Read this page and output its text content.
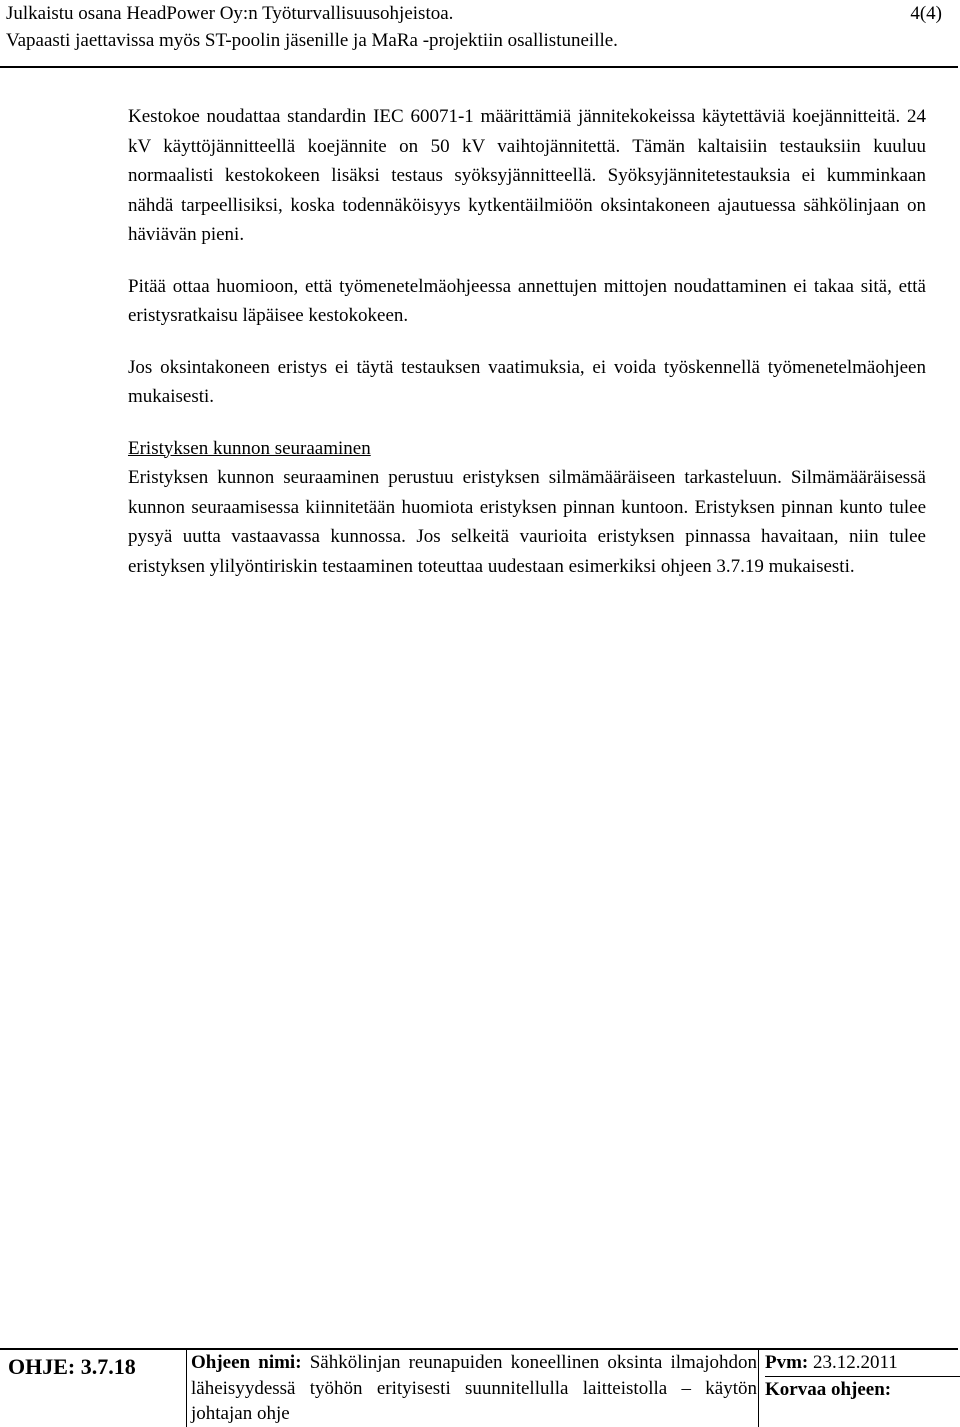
Julkaistu osana HeadPower Oy:n Työturvallisuusohjeistoa.
Vapaasti jaettavissa myös ST-poolin jäsenille ja MaRa -projektiin osallistuneille.
4(4)

Kestokoe noudattaa standardin IEC 60071-1 määrittämiä jännitekokeissa käytettäviä koejännitteitä. 24 kV käyttöjännitteellä koejännite on 50 kV vaihtojännitettä. Tämän kaltaisiin testauksiin kuuluu normaalisti kestokokeen lisäksi testaus syöksyjännitteellä. Syöksyjännitetestauksia ei kumminkaan nähdä tarpeellisiksi, koska todennäköisyys kytkentäilmiöön oksintakoneen ajautuessa sähkölinjaan on häviävän pieni.

Pitää ottaa huomioon, että työmenetelmäohjeessa annettujen mittojen noudattaminen ei takaa sitä, että eristysratkaisu läpäisee kestokokeen.

Jos oksintakoneen eristys ei täytä testauksen vaatimuksia, ei voida työskennellä työmenetelmäohjeen mukaisesti.

Eristyksen kunnon seuraaminen

Eristyksen kunnon seuraaminen perustuu eristyksen silmämääräiseen tarkasteluun. Silmämääräisessä kunnon seuraamisessa kiinnitetään huomiota eristyksen pinnan kuntoon. Eristyksen pinnan kunto tulee pysyä uutta vastaavassa kunnossa. Jos selkeitä vaurioita eristyksen pinnassa havaitaan, niin tulee eristyksen ylilyöntiriskin testaaminen toteuttaa uudestaan esimerkiksi ohjeen 3.7.19 mukaisesti.

OHJE: 3.7.18	Ohjeen nimi: Sähkölinjan reunapuiden koneellinen oksinta ilmajohdon läheisyydessä työhön erityisesti suunnitellulla laitteistolla – käytön johtajan ohje
Pvm: 23.12.2011
Korvaa ohjeen:
